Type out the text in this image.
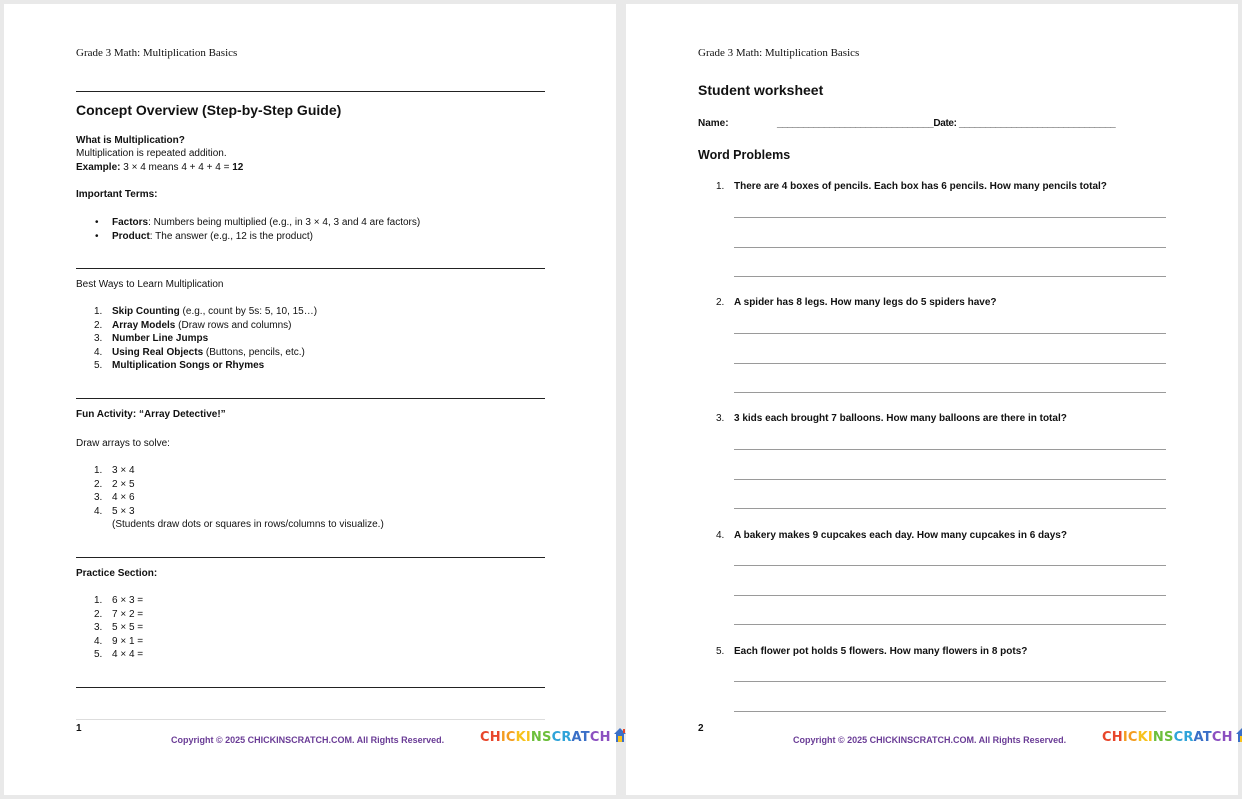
Grade 3 Math: Multiplication Basics
Concept Overview (Step-by-Step Guide)
What is Multiplication?
Multiplication is repeated addition.
Example: 3 × 4 means 4 + 4 + 4 = 12
Important Terms:
• Factors: Numbers being multiplied (e.g., in 3 × 4, 3 and 4 are factors)
• Product: The answer (e.g., 12 is the product)
Best Ways to Learn Multiplication
1. Skip Counting (e.g., count by 5s: 5, 10, 15…)
2. Array Models (Draw rows and columns)
3. Number Line Jumps
4. Using Real Objects (Buttons, pencils, etc.)
5. Multiplication Songs or Rhymes
Fun Activity: “Array Detective!”
Draw arrays to solve:
1. 3 × 4
2. 2 × 5
3. 4 × 6
4. 5 × 3
(Students draw dots or squares in rows/columns to visualize.)
Practice Section:
1. 6 × 3 =
2. 7 × 2 =
3. 5 × 5 =
4. 9 × 1 =
5. 4 × 4 =
1
Copyright © 2025 CHICKINSCRATCH.COM. All Rights Reserved.	CHICKINSCRATCH
Grade 3 Math: Multiplication Basics
Student worksheet
Name:	______________________________Date: ______________________________
Word Problems
1. There are 4 boxes of pencils. Each box has 6 pencils. How many pencils total?
2. A spider has 8 legs. How many legs do 5 spiders have?
3. 3 kids each brought 7 balloons. How many balloons are there in total?
4. A bakery makes 9 cupcakes each day. How many cupcakes in 6 days?
5. Each flower pot holds 5 flowers. How many flowers in 8 pots?
2
Copyright © 2025 CHICKINSCRATCH.COM. All Rights Reserved.	CHICKINSCRATCH
